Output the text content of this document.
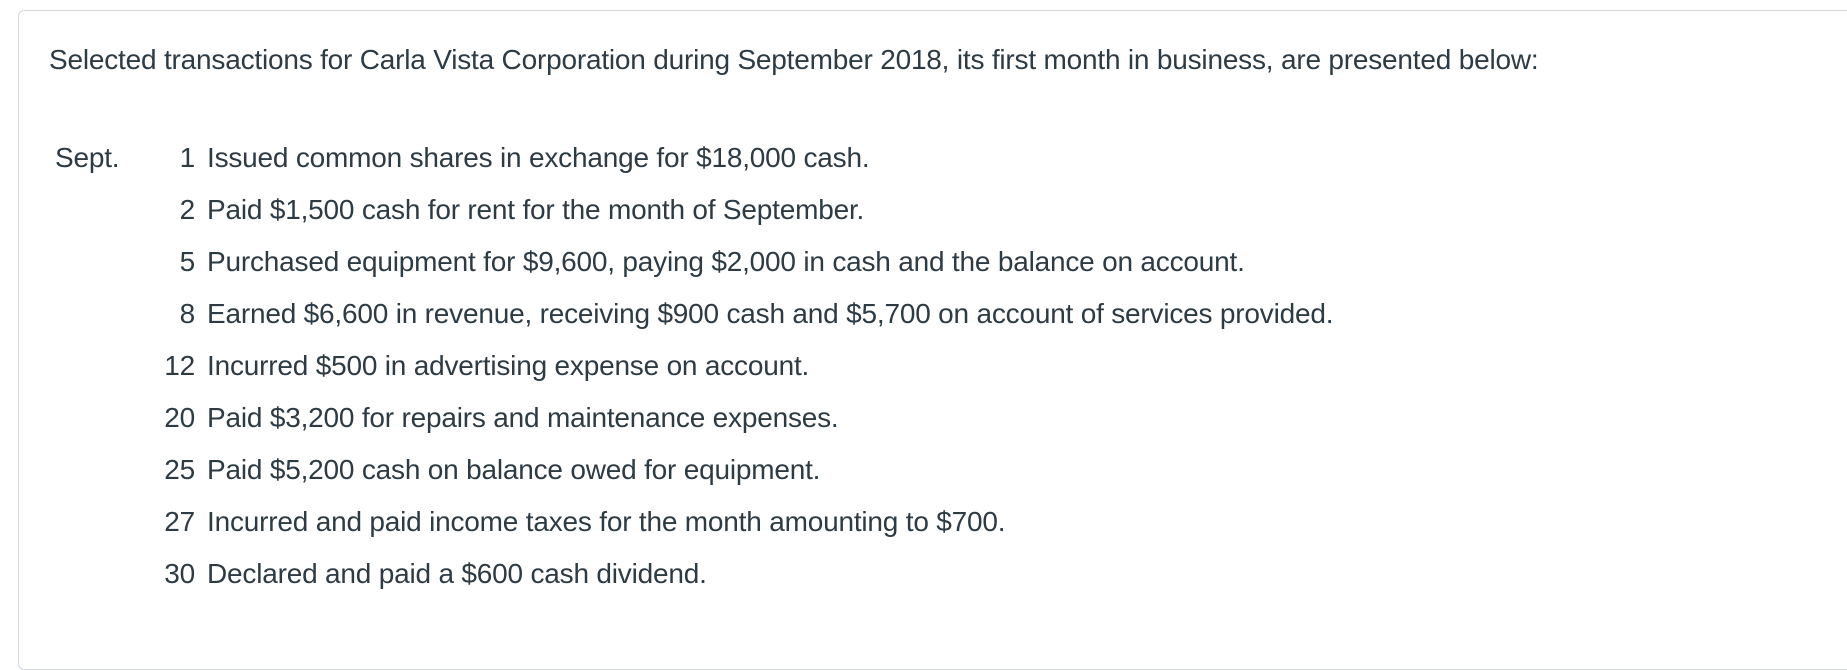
Selected transactions for Carla Vista Corporation during September 2018, its first month in business, are presented below:
Sept.	1	Issued common shares in exchange for $18,000 cash.
	2	Paid $1,500 cash for rent for the month of September.
	5	Purchased equipment for $9,600, paying $2,000 in cash and the balance on account.
	8	Earned $6,600 in revenue, receiving $900 cash and $5,700 on account of services provided.
	12	Incurred $500 in advertising expense on account.
	20	Paid $3,200 for repairs and maintenance expenses.
	25	Paid $5,200 cash on balance owed for equipment.
	27	Incurred and paid income taxes for the month amounting to $700.
	30	Declared and paid a $600 cash dividend.
